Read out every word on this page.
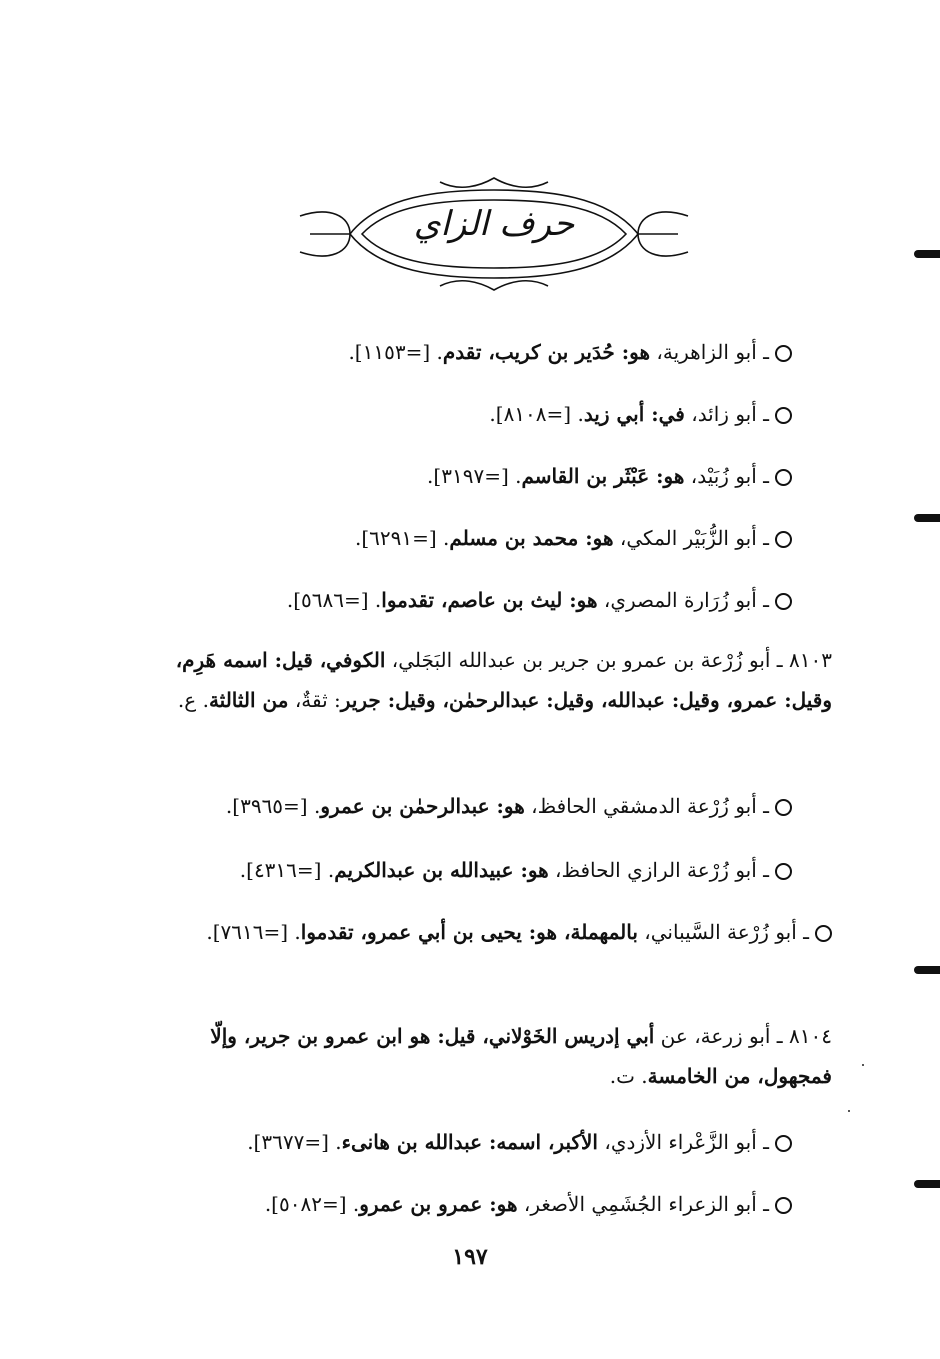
حرف الزاي
ـ أبو الزاهرية، هو: حُدَير بن كريب، تقدم. [=١١٥٣].
ـ أبو زائد، في: أبي زيد. [=٨١٠٨].
ـ أبو زُبَيْد، هو: عَبْثَر بن القاسم. [=٣١٩٧].
ـ أبو الزُّبَيْر المكي، هو: محمد بن مسلم. [=٦٢٩١].
ـ أبو زُرَارة المصري، هو: ليث بن عاصم، تقدموا. [=٥٦٨٦].
٨١٠٣ ـ أبو زُرْعة بن عمرو بن جرير بن عبدالله البَجَلي، الكوفي، قيل: اسمه هَرِم، وقيل: عمرو، وقيل: عبدالله، وقيل: عبدالرحمٰن، وقيل: جرير: ثقةٌ، من الثالثة. ع.
ـ أبو زُرْعة الدمشقي الحافظ، هو: عبدالرحمٰن بن عمرو. [=٣٩٦٥].
ـ أبو زُرْعة الرازي الحافظ، هو: عبيدالله بن عبدالكريم. [=٤٣١٦].
ـ أبو زُرْعة السَّيباني، بالمهملة، هو: يحيى بن أبي عمرو، تقدموا. [=٧٦١٦].
٨١٠٤ ـ أبو زرعة، عن أبي إدريس الخَوْلاني، قيل: هو ابن عمرو بن جرير، وإلّا فمجهول، من الخامسة. ت.
ـ أبو الزَّعْراء الأزدي، الأكبر، اسمه: عبدالله بن هانىء. [=٣٦٧٧].
ـ أبو الزعراء الجُشَمِي الأصغر، هو: عمرو بن عمرو. [=٥٠٨٢].
١٩٧
